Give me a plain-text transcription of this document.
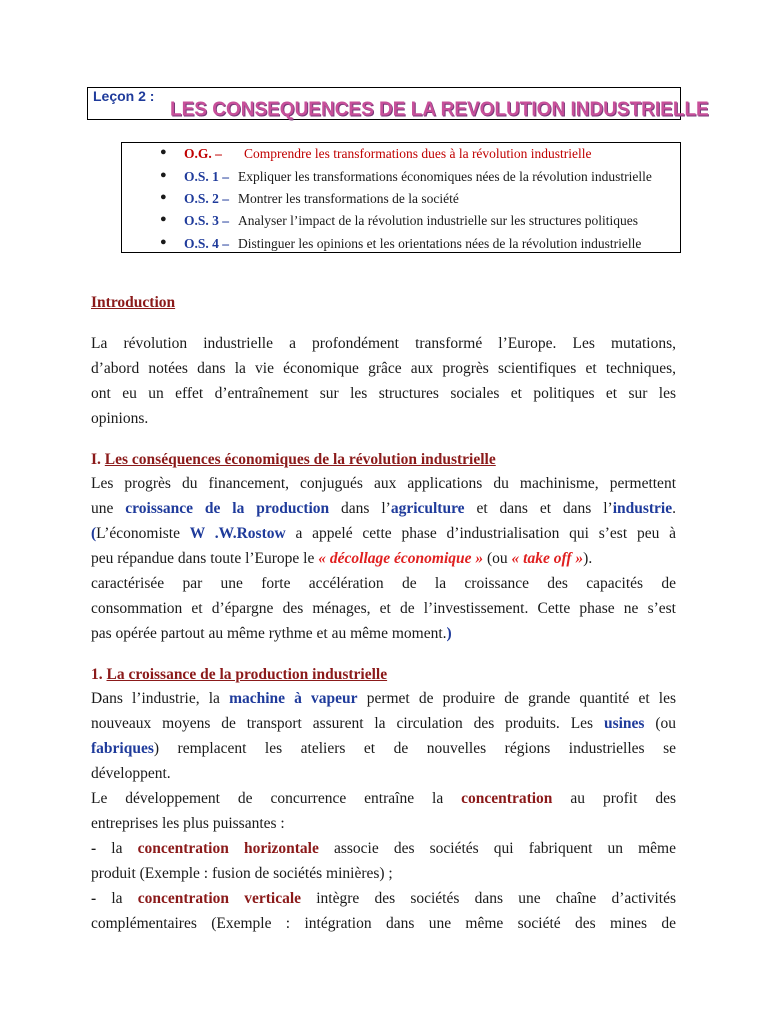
Leçon 2 :
LES CONSEQUENCES DE LA REVOLUTION INDUSTRIELLE
● O.G. – Comprendre les transformations dues à la révolution industrielle
● O.S. 1 – Expliquer les transformations économiques nées de la révolution industrielle
● O.S. 2 – Montrer les transformations de la société
● O.S. 3 – Analyser l’impact de la révolution industrielle sur les structures politiques
● O.S. 4 – Distinguer les opinions et les orientations nées de la révolution industrielle
Introduction
La révolution industrielle a profondément transformé l’Europe. Les mutations,
d’abord notées dans la vie économique grâce aux progrès scientifiques et techniques,
ont eu un effet d’entraînement sur les structures sociales et politiques et sur les
opinions.
I. Les conséquences économiques de la révolution industrielle
Les progrès du financement, conjugués aux applications du machinisme, permettent
une croissance de la production dans l’agriculture et dans et dans l’industrie.
(L’économiste W .W.Rostow a appelé cette phase d’industrialisation qui s’est peu à
peu répandue dans toute l’Europe le « décollage économique » (ou « take off »).
caractérisée par une forte accélération de la croissance des capacités de
consommation et d’épargne des ménages, et de l’investissement. Cette phase ne s’est
pas opérée partout au même rythme et au même moment.)
1. La croissance de la production industrielle
Dans l’industrie, la machine à vapeur permet de produire de grande quantité et les
nouveaux moyens de transport assurent la circulation des produits. Les usines (ou
fabriques) remplacent les ateliers et de nouvelles régions industrielles se
développent.
Le développement de concurrence entraîne la concentration au profit des
entreprises les plus puissantes :
- la concentration horizontale associe des sociétés qui fabriquent un même
produit (Exemple : fusion de sociétés minières) ;
- la concentration verticale intègre des sociétés dans une chaîne d’activités
complémentaires (Exemple : intégration dans une même société des mines de
